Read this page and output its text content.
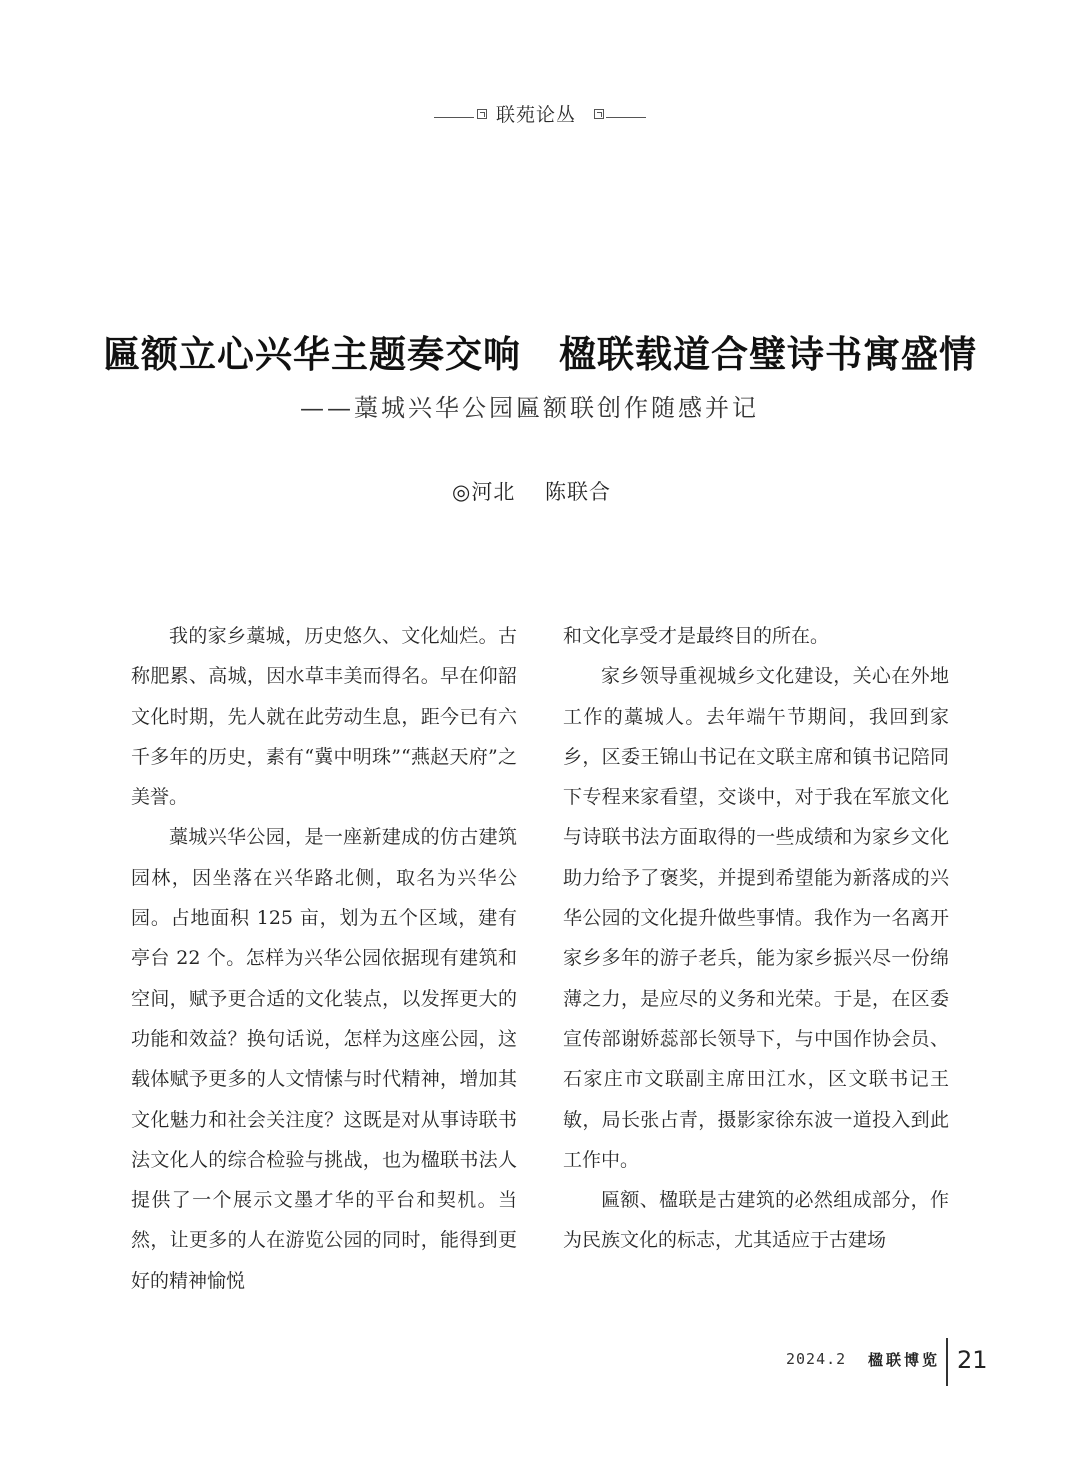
联苑论丛
匾额立心兴华主题奏交响　楹联载道合璧诗书寓盛情
——藁城兴华公园匾额联创作随感并记
◎河北　 陈联合

我的家乡藁城，历史悠久、文化灿烂。古称肥累、高城，因水草丰美而得名。早在仰韶文化时期，先人就在此劳动生息，距今已有六千多年的历史，素有“冀中明珠”“燕赵天府”之美誉。

藁城兴华公园，是一座新建成的仿古建筑园林，因坐落在兴华路北侧，取名为兴华公园。占地面积 125 亩，划为五个区域，建有亭台 22 个。怎样为兴华公园依据现有建筑和空间，赋予更合适的文化装点，以发挥更大的功能和效益？换句话说，怎样为这座公园，这载体赋予更多的人文情愫与时代精神，增加其文化魅力和社会关注度？这既是对从事诗联书法文化人的综合检验与挑战，也为楹联书法人提供了一个展示文墨才华的平台和契机。当然，让更多的人在游览公园的同时，能得到更好的精神愉悦

和文化享受才是最终目的所在。

家乡领导重视城乡文化建设，关心在外地工作的藁城人。去年端午节期间，我回到家乡，区委王锦山书记在文联主席和镇书记陪同下专程来家看望，交谈中，对于我在军旅文化与诗联书法方面取得的一些成绩和为家乡文化助力给予了褒奖，并提到希望能为新落成的兴华公园的文化提升做些事情。我作为一名离开家乡多年的游子老兵，能为家乡振兴尽一份绵薄之力，是应尽的义务和光荣。于是，在区委宣传部谢娇蕊部长领导下，与中国作协会员、石家庄市文联副主席田江水，区文联书记王敏，局长张占青，摄影家徐东波一道投入到此工作中。

匾额、楹联是古建筑的必然组成部分，作为民族文化的标志，尤其适应于古建场

2024.2 楹联博览 21
